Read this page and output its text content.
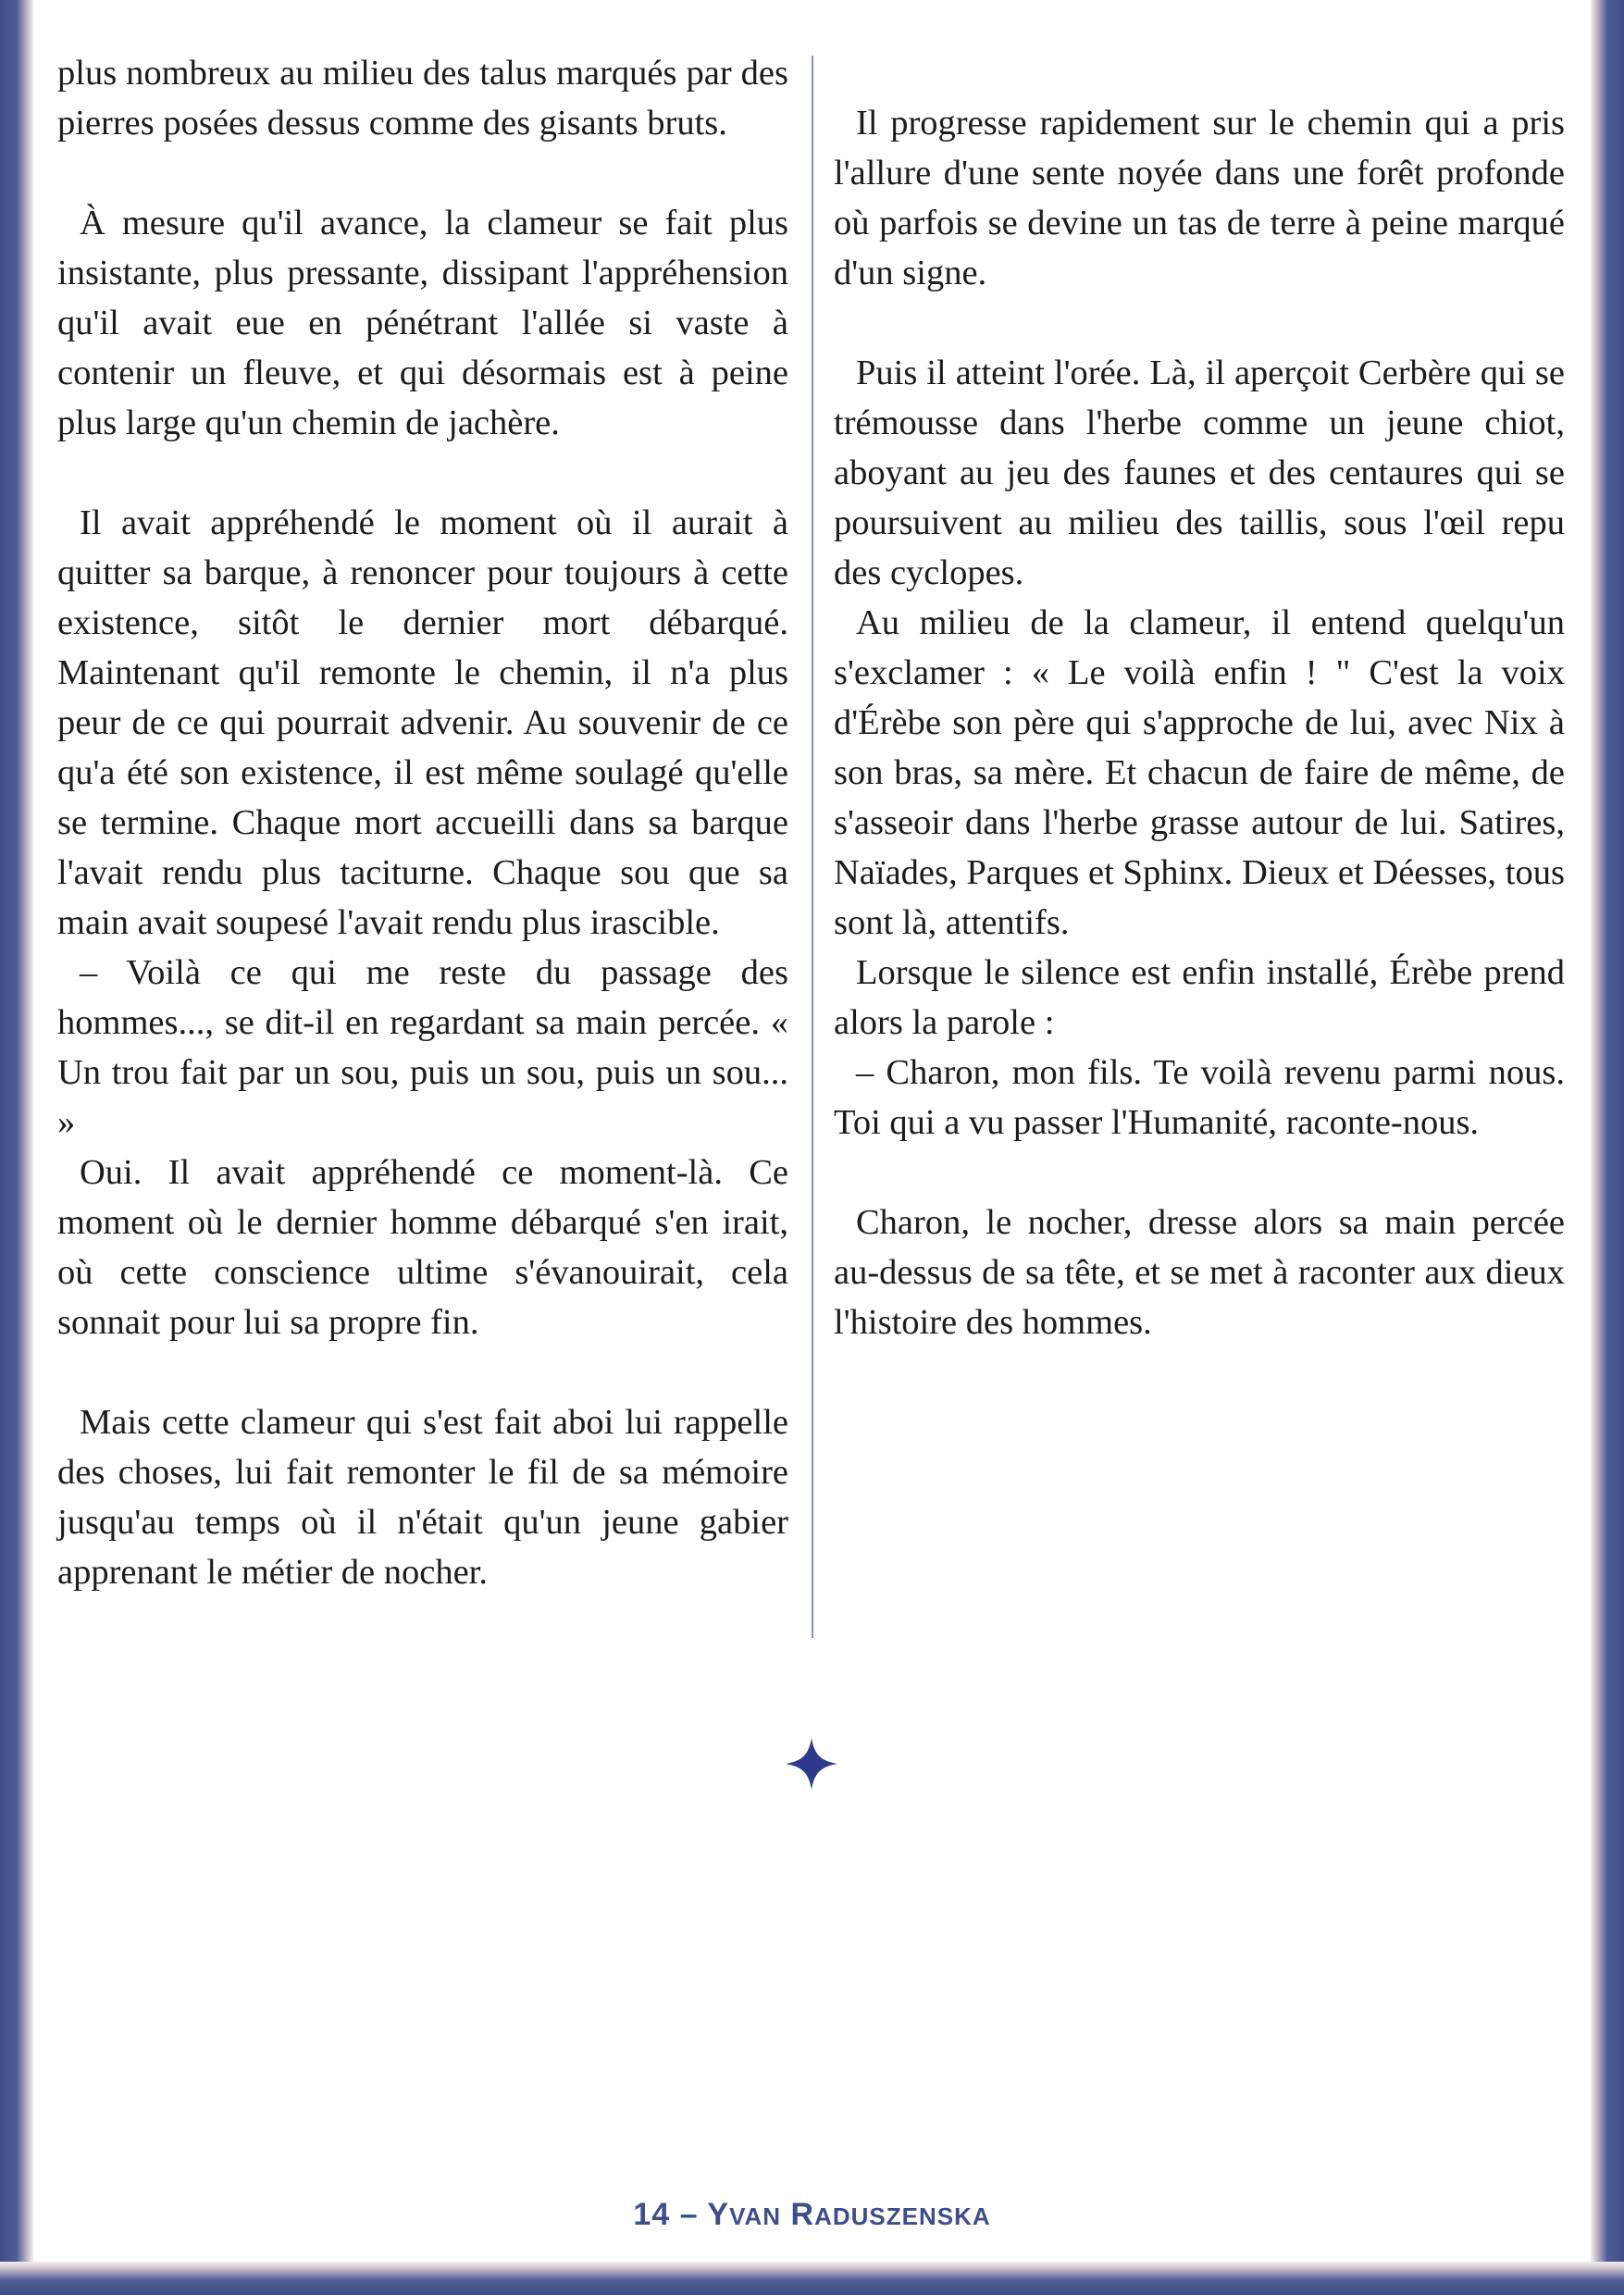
plus nombreux au milieu des talus marqués par des pierres posées dessus comme des gisants bruts.

À mesure qu'il avance, la clameur se fait plus insistante, plus pressante, dissipant l'appréhension qu'il avait eue en pénétrant l'allée si vaste à contenir un fleuve, et qui désormais est à peine plus large qu'un chemin de jachère.

Il avait appréhendé le moment où il aurait à quitter sa barque, à renoncer pour toujours à cette existence, sitôt le dernier mort débarqué. Maintenant qu'il remonte le chemin, il n'a plus peur de ce qui pourrait advenir. Au souvenir de ce qu'a été son existence, il est même soulagé qu'elle se termine. Chaque mort accueilli dans sa barque l'avait rendu plus taciturne. Chaque sou que sa main avait soupesé l'avait rendu plus irascible.

– Voilà ce qui me reste du passage des hommes..., se dit-il en regardant sa main percée. « Un trou fait par un sou, puis un sou, puis un sou... »

Oui. Il avait appréhendé ce moment-là. Ce moment où le dernier homme débarqué s'en irait, où cette conscience ultime s'évanouirait, cela sonnait pour lui sa propre fin.

Mais cette clameur qui s'est fait aboi lui rappelle des choses, lui fait remonter le fil de sa mémoire jusqu'au temps où il n'était qu'un jeune gabier apprenant le métier de nocher.

Il progresse rapidement sur le chemin qui a pris l'allure d'une sente noyée dans une forêt profonde où parfois se devine un tas de terre à peine marqué d'un signe.

Puis il atteint l'orée. Là, il aperçoit Cerbère qui se trémousse dans l'herbe comme un jeune chiot, aboyant au jeu des faunes et des centaures qui se poursuivent au milieu des taillis, sous l'œil repu des cyclopes.

Au milieu de la clameur, il entend quelqu'un s'exclamer : « Le voilà enfin ! " C'est la voix d'Érèbe son père qui s'approche de lui, avec Nix à son bras, sa mère. Et chacun de faire de même, de s'asseoir dans l'herbe grasse autour de lui. Satires, Naïades, Parques et Sphinx. Dieux et Déesses, tous sont là, attentifs.

Lorsque le silence est enfin installé, Érèbe prend alors la parole :

– Charon, mon fils. Te voilà revenu parmi nous. Toi qui a vu passer l'Humanité, raconte-nous.

Charon, le nocher, dresse alors sa main percée au-dessus de sa tête, et se met à raconter aux dieux l'histoire des hommes.

14 – YVAN RADUSZENSKA
